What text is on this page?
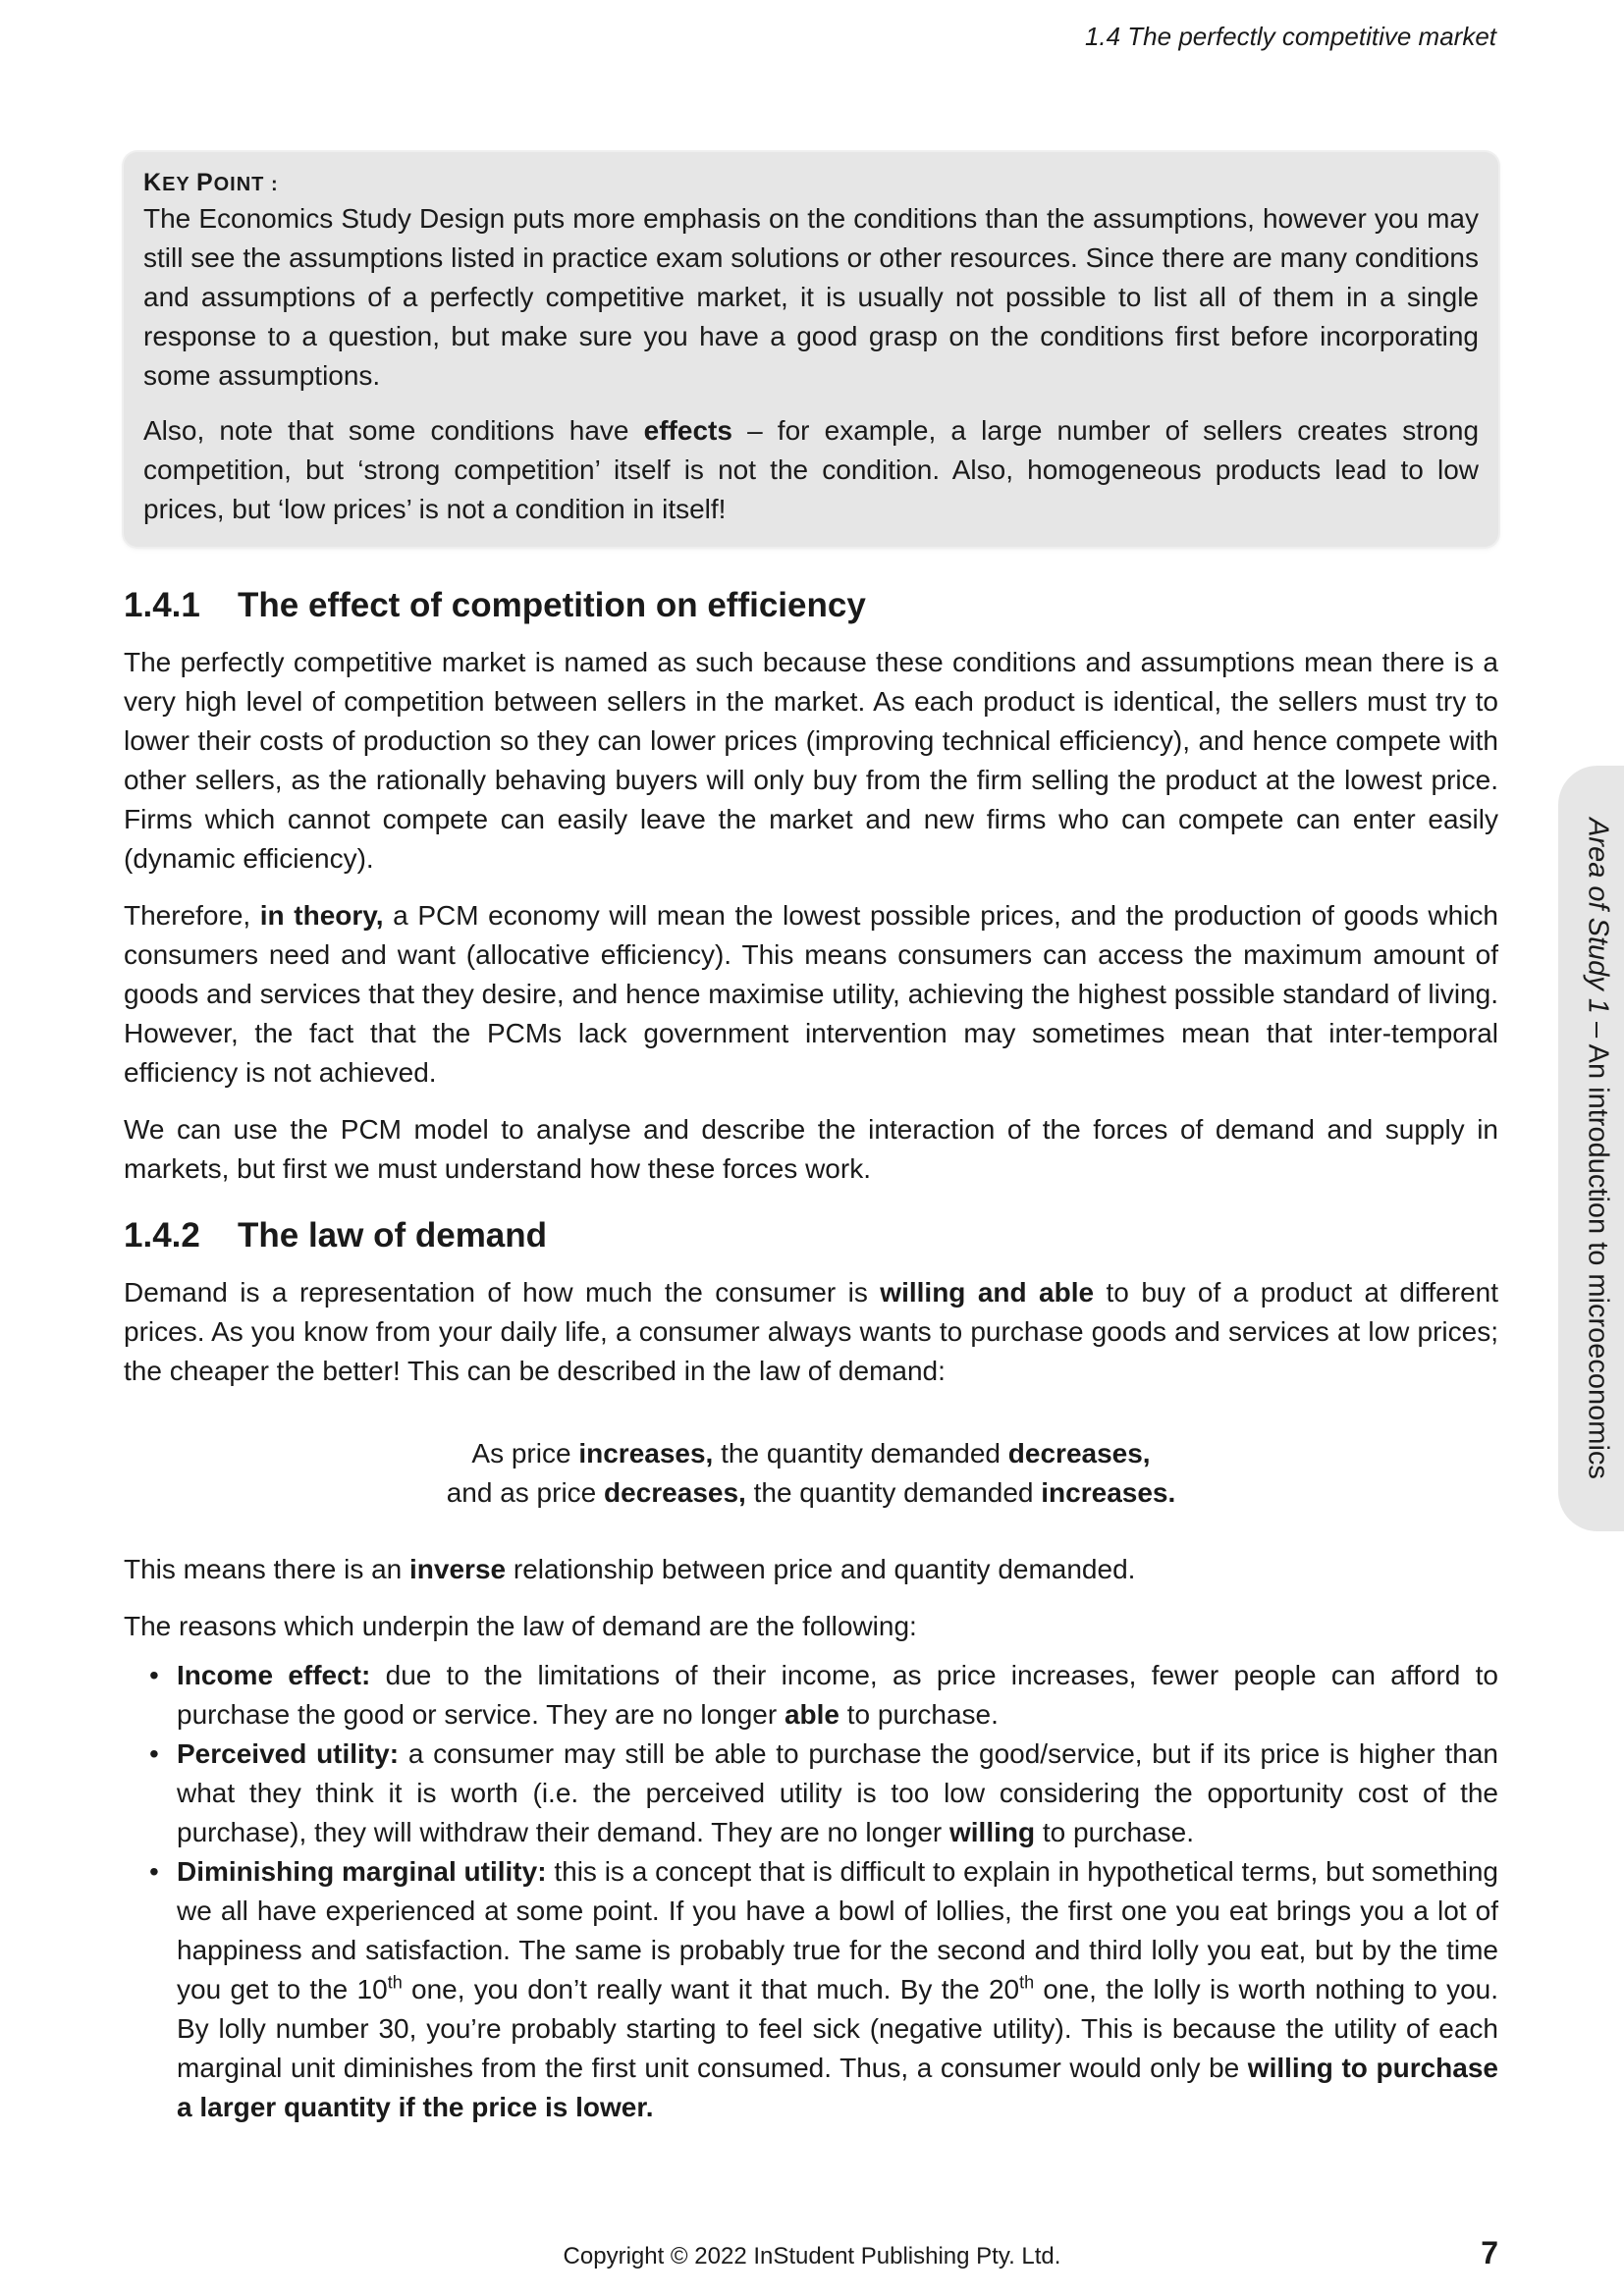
1.4 The perfectly competitive market
KEY POINT :

The Economics Study Design puts more emphasis on the conditions than the assumptions, however you may still see the assumptions listed in practice exam solutions or other resources. Since there are many conditions and assumptions of a perfectly competitive market, it is usually not possible to list all of them in a single response to a question, but make sure you have a good grasp on the conditions first before incorporating some assumptions.

Also, note that some conditions have effects – for example, a large number of sellers creates strong competition, but ‘strong competition’ itself is not the condition. Also, homogeneous products lead to low prices, but ‘low prices’ is not a condition in itself!

1.4.1 The effect of competition on efficiency

The perfectly competitive market is named as such because these conditions and assumptions mean there is a very high level of competition between sellers in the market. As each product is identical, the sellers must try to lower their costs of production so they can lower prices (improving technical efficiency), and hence compete with other sellers, as the rationally behaving buyers will only buy from the firm selling the product at the lowest price. Firms which cannot compete can easily leave the market and new firms who can compete can enter easily (dynamic efficiency).

Therefore, in theory, a PCM economy will mean the lowest possible prices, and the production of goods which consumers need and want (allocative efficiency). This means consumers can access the maximum amount of goods and services that they desire, and hence maximise utility, achieving the highest possible standard of living. However, the fact that the PCMs lack government intervention may sometimes mean that inter-temporal efficiency is not achieved.

We can use the PCM model to analyse and describe the interaction of the forces of demand and supply in markets, but first we must understand how these forces work.

1.4.2 The law of demand

Demand is a representation of how much the consumer is willing and able to buy of a product at different prices. As you know from your daily life, a consumer always wants to purchase goods and services at low prices; the cheaper the better! This can be described in the law of demand:

As price increases, the quantity demanded decreases,
and as price decreases, the quantity demanded increases.

This means there is an inverse relationship between price and quantity demanded.

The reasons which underpin the law of demand are the following:

• Income effect: due to the limitations of their income, as price increases, fewer people can afford to purchase the good or service. They are no longer able to purchase.
• Perceived utility: a consumer may still be able to purchase the good/service, but if its price is higher than what they think it is worth (i.e. the perceived utility is too low considering the opportunity cost of the purchase), they will withdraw their demand. They are no longer willing to purchase.
• Diminishing marginal utility: this is a concept that is difficult to explain in hypothetical terms, but something we all have experienced at some point. If you have a bowl of lollies, the first one you eat brings you a lot of happiness and satisfaction. The same is probably true for the second and third lolly you eat, but by the time you get to the 10th one, you don’t really want it that much. By the 20th one, the lolly is worth nothing to you. By lolly number 30, you’re probably starting to feel sick (negative utility). This is because the utility of each marginal unit diminishes from the first unit consumed. Thus, a consumer would only be willing to purchase a larger quantity if the price is lower.
Area of Study 1 – An introduction to microeconomics
Copyright © 2022 InStudent Publishing Pty. Ltd.	7
